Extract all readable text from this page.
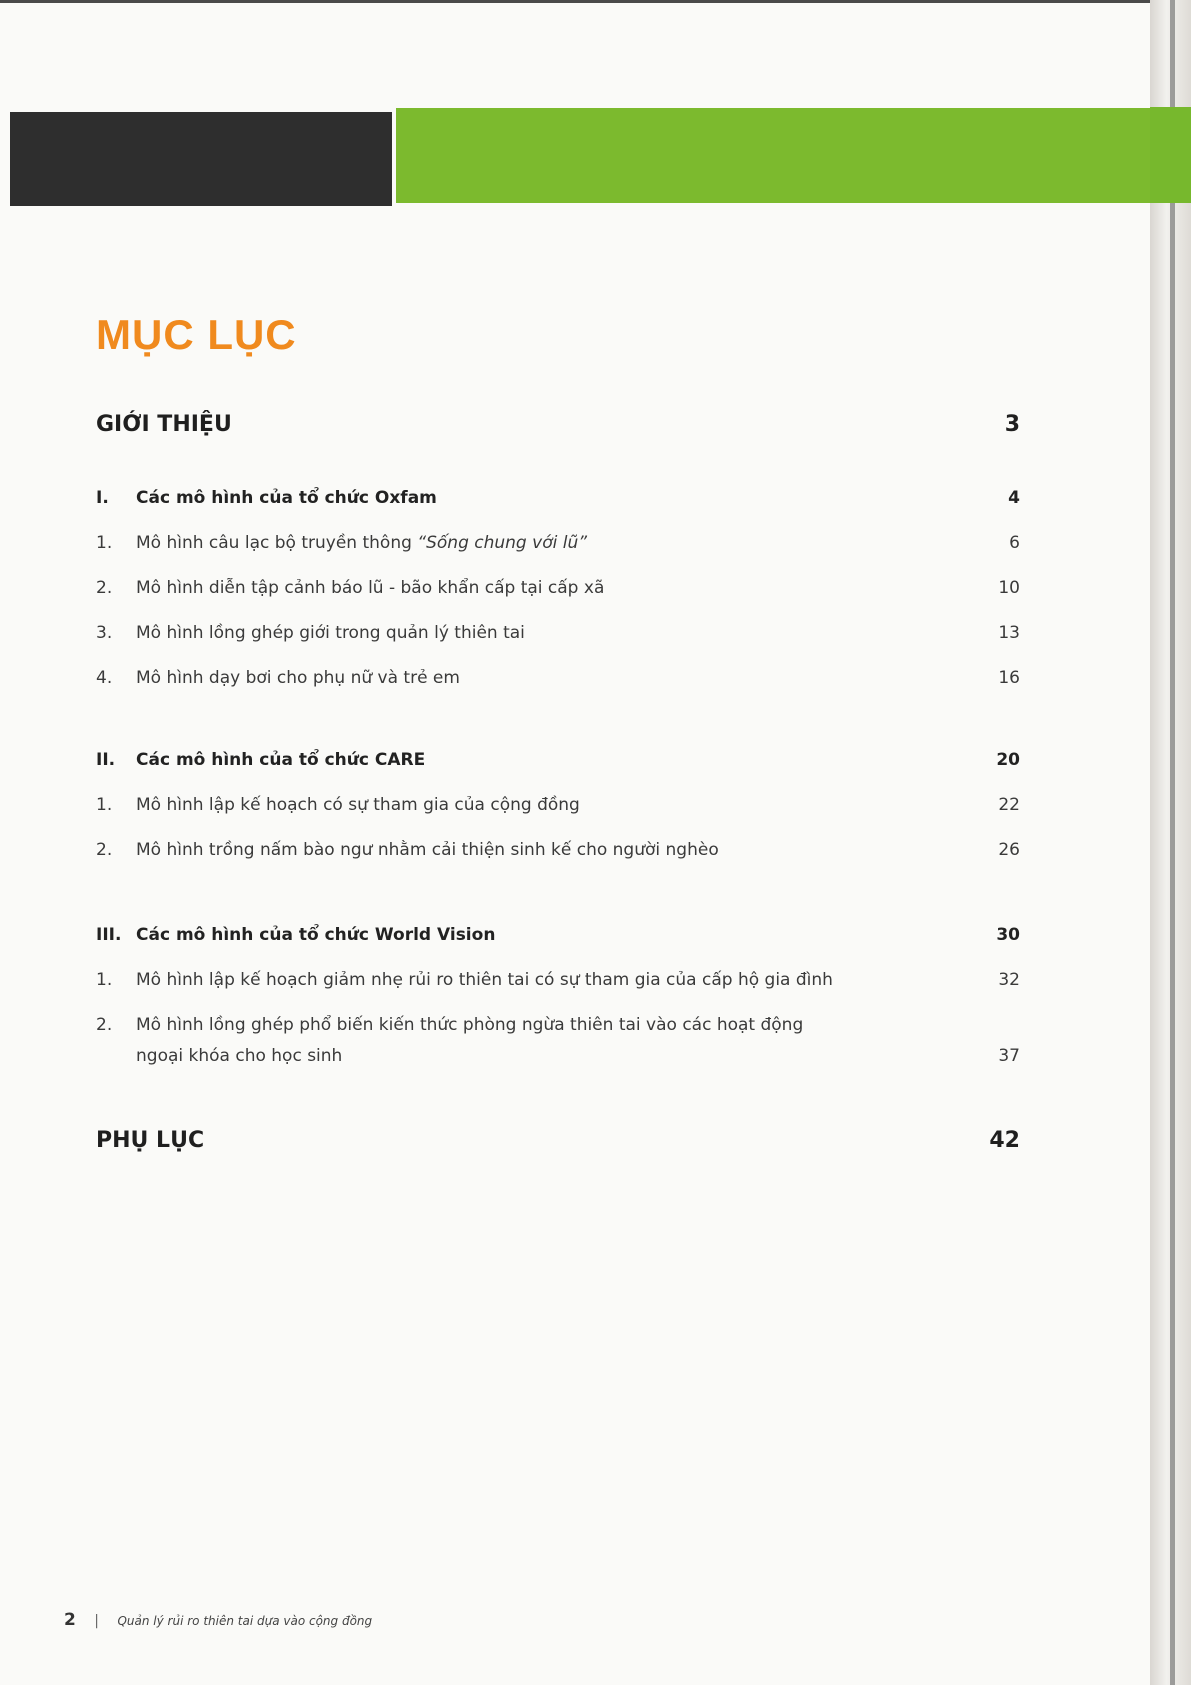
MỤC LỤC
GIỚI THIỆU	3
I. Các mô hình của tổ chức Oxfam	4
1. Mô hình câu lạc bộ truyền thông “Sống chung với lũ”	6
2. Mô hình diễn tập cảnh báo lũ - bão khẩn cấp tại cấp xã	10
3. Mô hình lồng ghép giới trong quản lý thiên tai	13
4. Mô hình dạy bơi cho phụ nữ và trẻ em	16
II. Các mô hình của tổ chức CARE	20
1. Mô hình lập kế hoạch có sự tham gia của cộng đồng	22
2. Mô hình trồng nấm bào ngư nhằm cải thiện sinh kế cho người nghèo	26
III. Các mô hình của tổ chức World Vision	30
1. Mô hình lập kế hoạch giảm nhẹ rủi ro thiên tai có sự tham gia của cấp hộ gia đình	32
2. Mô hình lồng ghép phổ biến kiến thức phòng ngừa thiên tai vào các hoạt động
ngoại khóa cho học sinh	37
PHỤ LỤC	42
2 | Quản lý rủi ro thiên tai dựa vào cộng đồng
